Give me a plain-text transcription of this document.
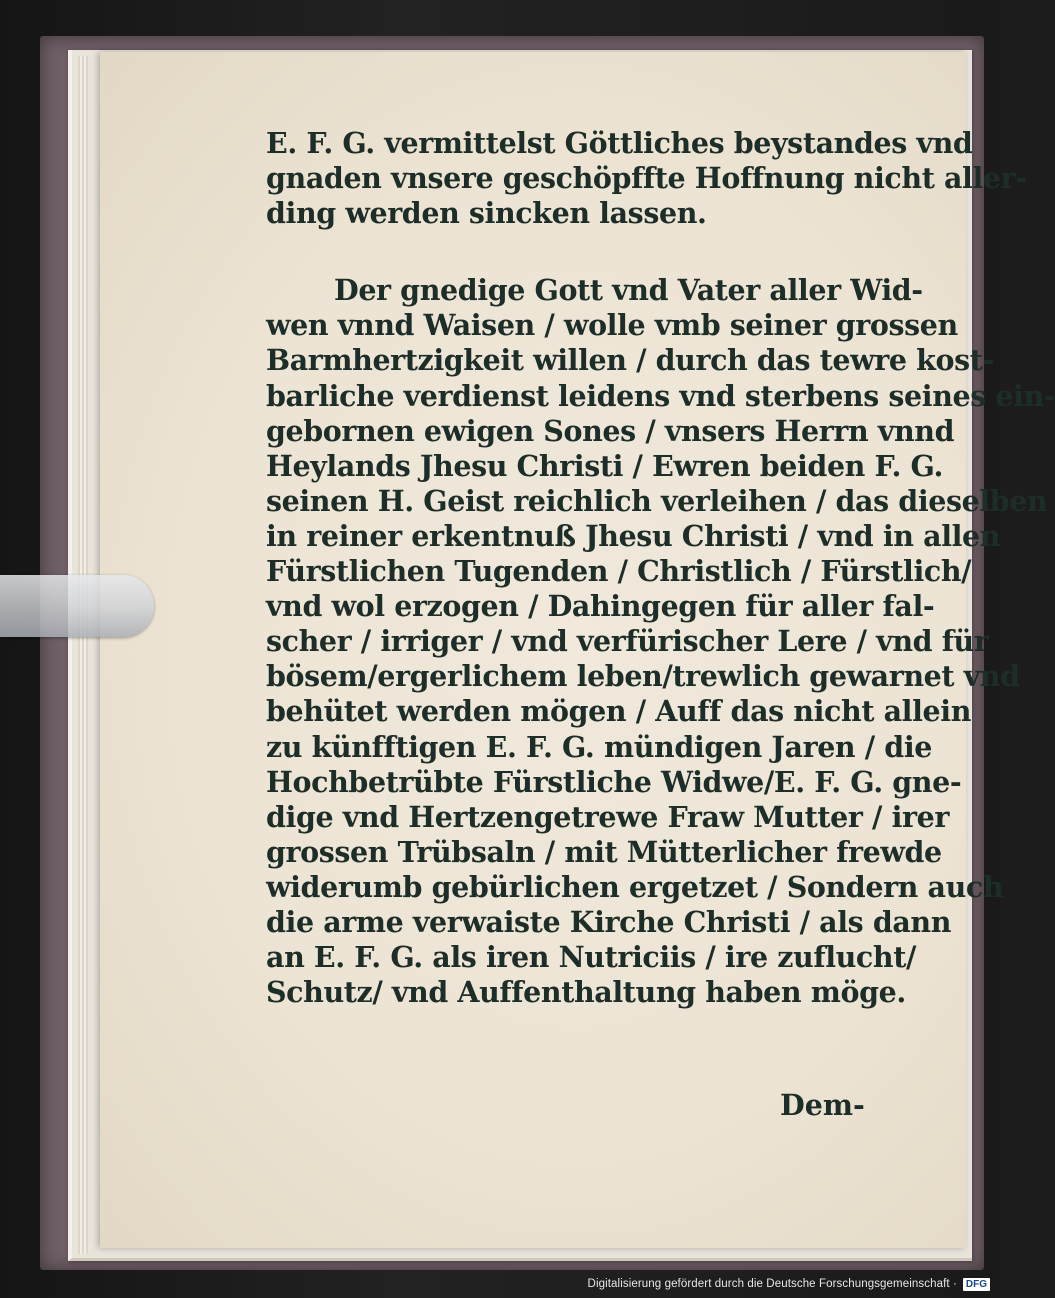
E. F. G. vermittelst Göttliches beystandes vnd
gnaden vnsere geschöpffte Hoffnung nicht aller-
ding werden sincken lassen.
Der gnedige Gott vnd Vater aller Wid-
wen vnnd Waisen / wolle vmb seiner grossen
Barmhertzigkeit willen / durch das tewre kost-
barliche verdienst leidens vnd sterbens seines ein-
gebornen ewigen Sones / vnsers Herrn vnnd
Heylands Jhesu Christi / Ewren beiden F. G.
seinen H. Geist reichlich verleihen / das dieselben
in reiner erkentnuß Jhesu Christi / vnd in allen
Fürstlichen Tugenden / Christlich / Fürstlich/
vnd wol erzogen / Dahingegen für aller fal-
scher / irriger / vnd verfürischer Lere / vnd für
bösem/ergerlichem leben/trewlich gewarnet vnd
behütet werden mögen / Auff das nicht allein
zu künfftigen E. F. G. mündigen Jaren / die
Hochbetrübte Fürstliche Widwe/E. F. G. gne-
dige vnd Hertzengetrewe Fraw Mutter / irer
grossen Trübsaln / mit Mütterlicher frewde
widerumb gebürlichen ergetzet / Sondern auch
die arme verwaiste Kirche Christi / als dann
an E. F. G. als iren Nutriciis / ire zuflucht/
Schutz/ vnd Auffenthaltung haben möge.
Dem-
Digitalisierung gefördert durch die Deutsche Forschungsgemeinschaft · DFG
